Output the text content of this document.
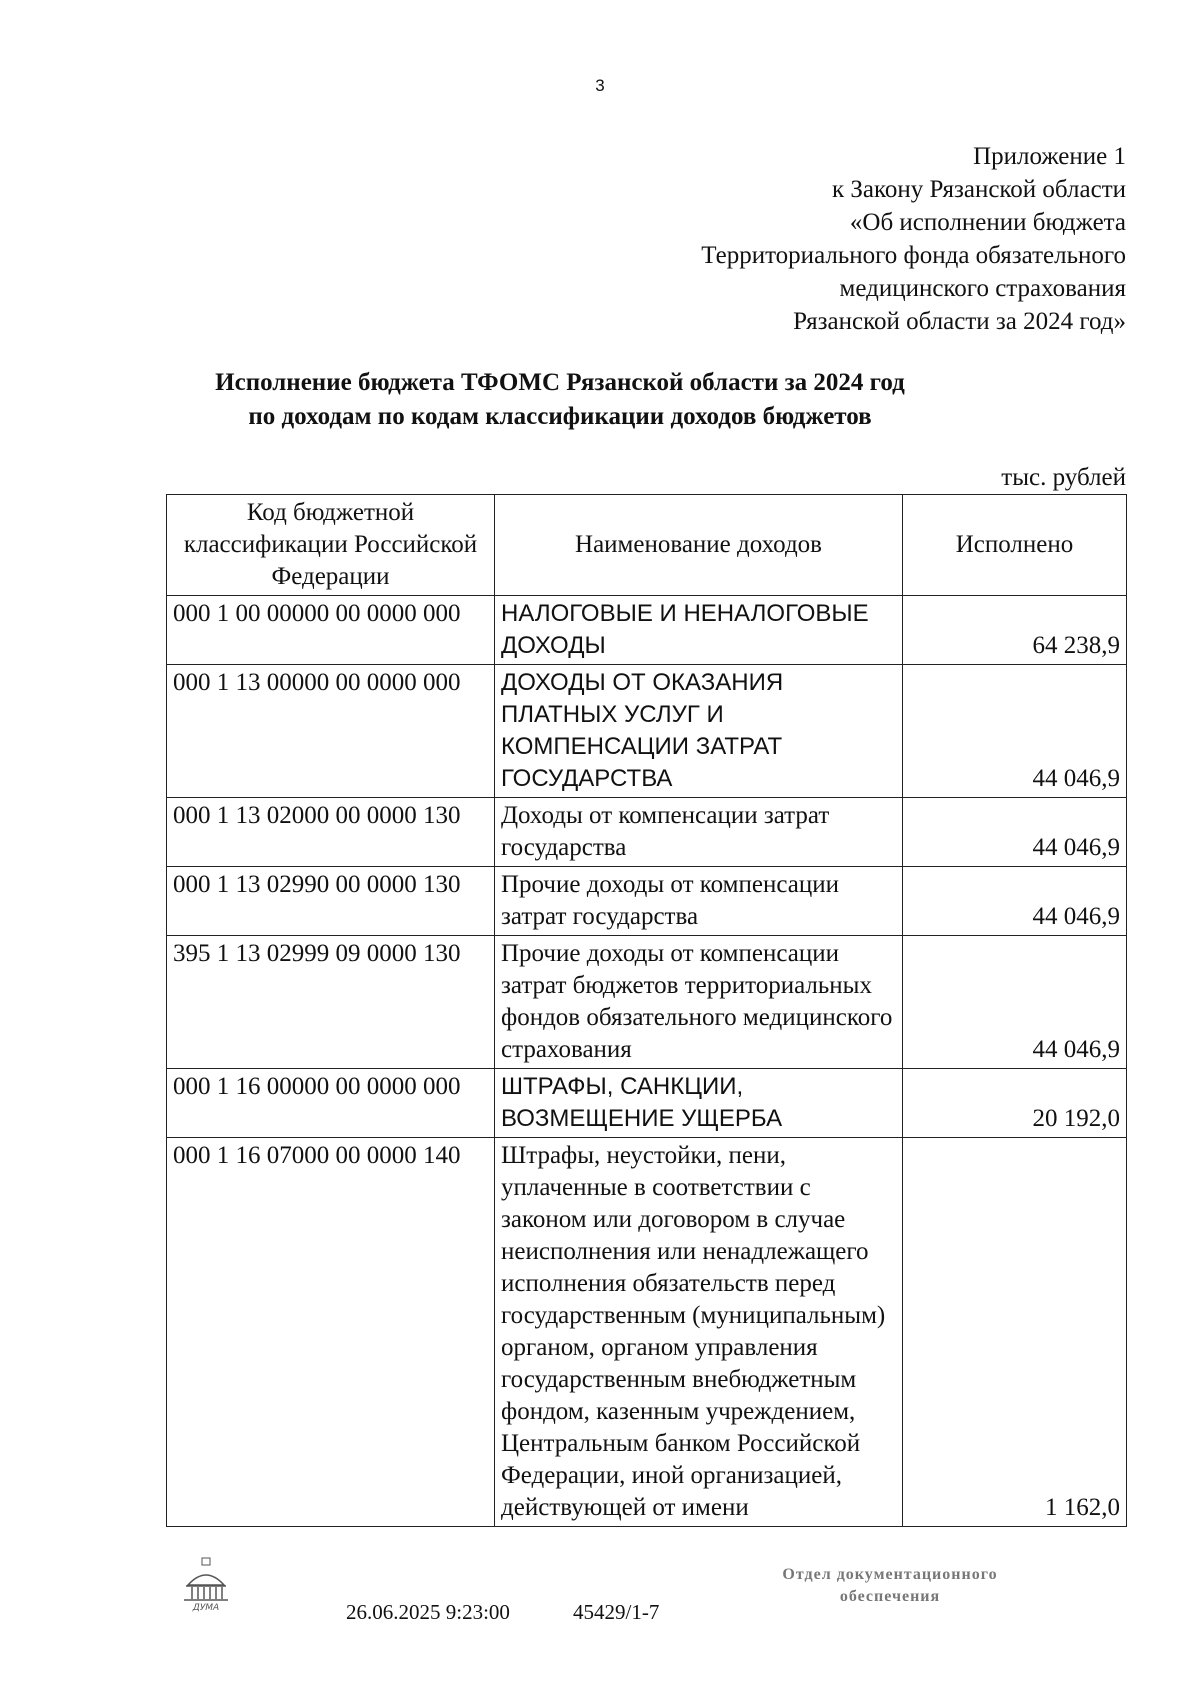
3
Приложение 1
к Закону Рязанской области
«Об исполнении бюджета
Территориального фонда обязательного
медицинского страхования
Рязанской области за 2024 год»
Исполнение бюджета ТФОМС Рязанской области за 2024 год
по доходам по кодам классификации доходов бюджетов
тыс. рублей
Код бюджетной классификации Российской Федерации	Наименование доходов	Исполнено
000 1 00 00000 00 0000 000	НАЛОГОВЫЕ И НЕНАЛОГОВЫЕ ДОХОДЫ	64 238,9
000 1 13 00000 00 0000 000	ДОХОДЫ ОТ ОКАЗАНИЯ ПЛАТНЫХ УСЛУГ И КОМПЕНСАЦИИ ЗАТРАТ ГОСУДАРСТВА	44 046,9
000 1 13 02000 00 0000 130	Доходы от компенсации затрат государства	44 046,9
000 1 13 02990 00 0000 130	Прочие доходы от компенсации затрат государства	44 046,9
395 1 13 02999 09 0000 130	Прочие доходы от компенсации затрат бюджетов территориальных фондов обязательного медицинского страхования	44 046,9
000 1 16 00000 00 0000 000	ШТРАФЫ, САНКЦИИ, ВОЗМЕЩЕНИЕ УЩЕРБА	20 192,0
000 1 16 07000 00 0000 140	Штрафы, неустойки, пени, уплаченные в соответствии с законом или договором в случае неисполнения или ненадлежащего исполнения обязательств перед государственным (муниципальным) органом, органом управления государственным внебюджетным фондом, казенным учреждением, Центральным банком Российской Федерации, иной организацией, действующей от имени	1 162,0
ДУМА	26.06.2025 9:23:00	45429/1-7
Отдел документационного
обеспечения
